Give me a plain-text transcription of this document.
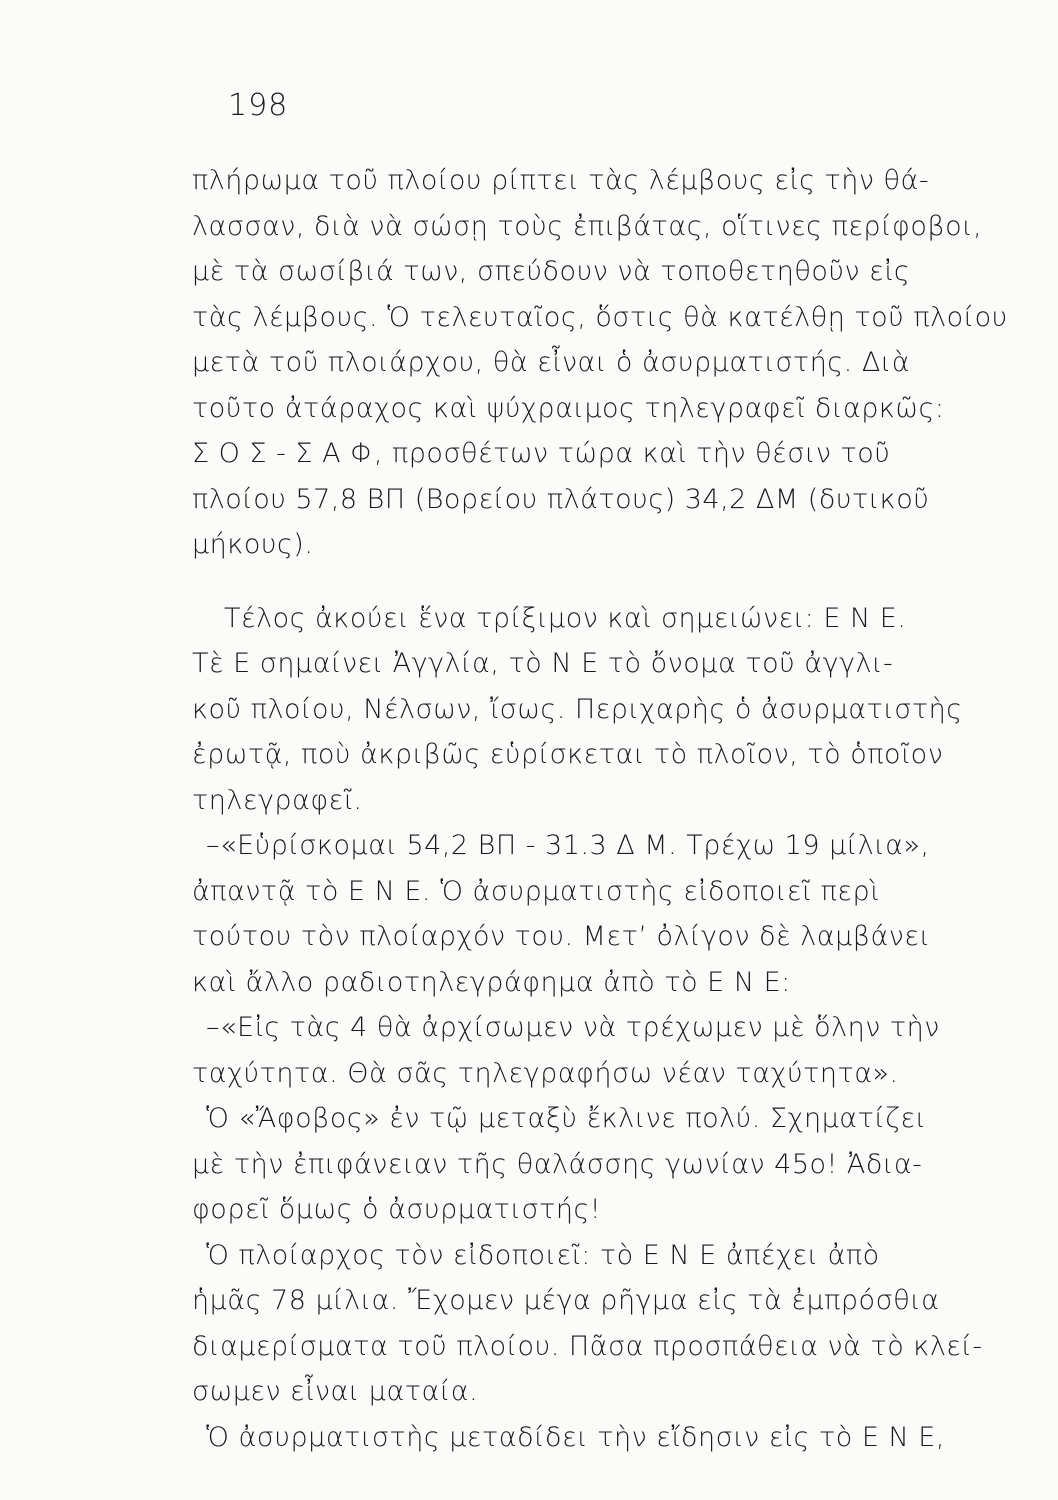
198
πλήρωμα τοῦ πλοίου ρίπτει τὰς λέμβους εἰς τὴν θά-
λασσαν, διὰ νὰ σώσῃ τοὺς ἐπιβάτας, οἵτινες περίφοβοι,
μὲ τὰ σωσίβιά των, σπεύδουν νὰ τοποθετηθοῦν εἰς
τὰς λέμβους. Ὁ τελευταῖος, ὅστις θὰ κατέλθῃ τοῦ πλοίου
μετὰ τοῦ πλοιάρχου, θὰ εἶναι ὁ ἀσυρματιστής. Διὰ
τοῦτο ἀτάραχος καὶ ψύχραιμος τηλεγραφεῖ διαρκῶς:
Σ Ο Σ - Σ Α Φ, προσθέτων τώρα καὶ τὴν θέσιν τοῦ
πλοίου 57,8 ΒΠ (Βορείου πλάτους) 34,2 ΔΜ (δυτικοῦ
μήκους).
Τέλος ἀκούει ἕνα τρίξιμον καὶ σημειώνει: Ε Ν Ε.
Τὲ Ε σημαίνει Ἀγγλία, τὸ Ν Ε τὸ ὄνομα τοῦ ἀγγλι-
κοῦ πλοίου, Νέλσων, ἴσως. Περιχαρὴς ὁ ἀσυρματιστὴς
ἐρωτᾷ, ποὺ ἀκριβῶς εὑρίσκεται τὸ πλοῖον, τὸ ὁποῖον
τηλεγραφεῖ.
–«Εὑρίσκομαι 54,2 ΒΠ - 31.3 Δ Μ. Τρέχω 19 μίλια»,
ἀπαντᾷ τὸ Ε Ν Ε. Ὁ ἀσυρματιστὴς εἰδοποιεῖ περὶ
τούτου τὸν πλοίαρχόν του. Μετ’ ὀλίγον δὲ λαμβάνει
καὶ ἄλλο ραδιοτηλεγράφημα ἀπὸ τὸ Ε Ν Ε:
–«Εἰς τὰς 4 θὰ ἀρχίσωμεν νὰ τρέχωμεν μὲ ὅλην τὴν
ταχύτητα. Θὰ σᾶς τηλεγραφήσω νέαν ταχύτητα».
Ὁ «Ἄφοβος» ἐν τῷ μεταξὺ ἔκλινε πολύ. Σχηματίζει
μὲ τὴν ἐπιφάνειαν τῆς θαλάσσης γωνίαν 45ο! Ἀδια-
φορεῖ ὅμως ὁ ἀσυρματιστής!
Ὁ πλοίαρχος τὸν εἰδοποιεῖ: τὸ Ε Ν Ε ἀπέχει ἀπὸ
ἡμᾶς 78 μίλια. Ἔχομεν μέγα ρῆγμα εἰς τὰ ἐμπρόσθια
διαμερίσματα τοῦ πλοίου. Πᾶσα προσπάθεια νὰ τὸ κλεί-
σωμεν εἶναι ματαία.
Ὁ ἀσυρματιστὴς μεταδίδει τὴν εἴδησιν εἰς τὸ Ε Ν Ε,
